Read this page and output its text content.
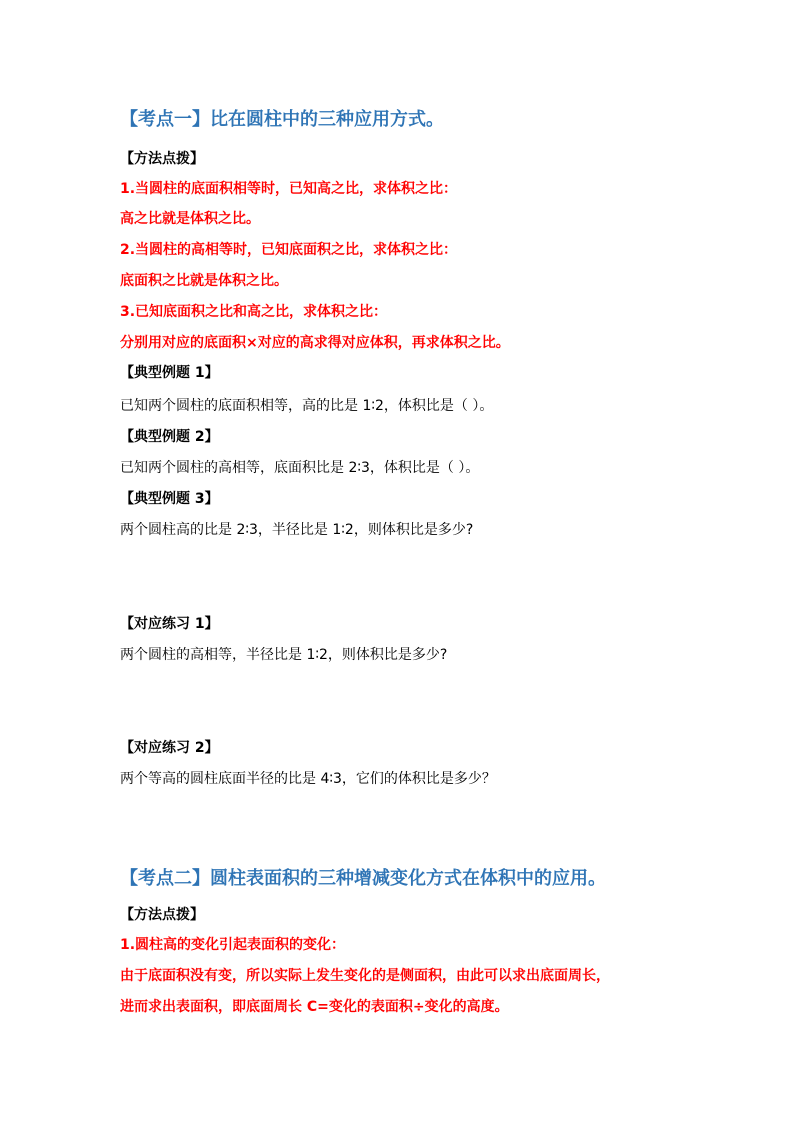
【考点一】比在圆柱中的三种应用方式。
【方法点拨】
1.当圆柱的底面积相等时，已知高之比，求体积之比：
高之比就是体积之比。
2.当圆柱的高相等时，已知底面积之比，求体积之比：
底面积之比就是体积之比。
3.已知底面积之比和高之比，求体积之比：
分别用对应的底面积×对应的高求得对应体积，再求体积之比。
【典型例题 1】
已知两个圆柱的底面积相等，高的比是 1∶2，体积比是（ ）。
【典型例题 2】
已知两个圆柱的高相等，底面积比是 2∶3，体积比是（ ）。
【典型例题 3】
两个圆柱高的比是 2∶3，半径比是 1∶2，则体积比是多少?
【对应练习 1】
两个圆柱的高相等，半径比是 1∶2，则体积比是多少?
【对应练习 2】
两个等高的圆柱底面半径的比是 4∶3，它们的体积比是多少？
【考点二】圆柱表面积的三种增减变化方式在体积中的应用。
【方法点拨】
1.圆柱高的变化引起表面积的变化：
由于底面积没有变，所以实际上发生变化的是侧面积，由此可以求出底面周长，
进而求出表面积，即底面周长 C=变化的表面积÷变化的高度。
